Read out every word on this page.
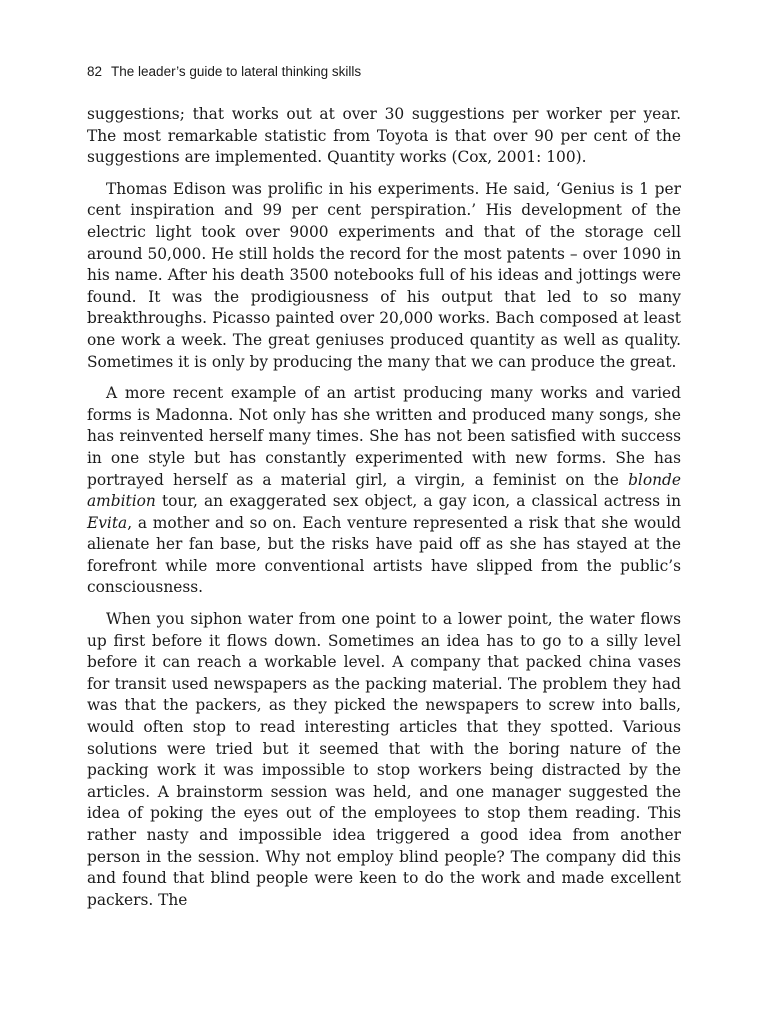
82 The leader’s guide to lateral thinking skills

suggestions; that works out at over 30 suggestions per worker per year. The most remarkable statistic from Toyota is that over 90 per cent of the suggestions are implemented. Quantity works (Cox, 2001: 100).

Thomas Edison was prolific in his experiments. He said, ‘Genius is 1 per cent inspiration and 99 per cent perspiration.’ His development of the electric light took over 9000 experiments and that of the storage cell around 50,000. He still holds the record for the most patents – over 1090 in his name. After his death 3500 notebooks full of his ideas and jottings were found. It was the prodigiousness of his output that led to so many breakthroughs. Picasso painted over 20,000 works. Bach composed at least one work a week. The great geniuses produced quantity as well as quality. Sometimes it is only by producing the many that we can produce the great.

A more recent example of an artist producing many works and varied forms is Madonna. Not only has she written and produced many songs, she has reinvented herself many times. She has not been satisfied with success in one style but has constantly experimented with new forms. She has portrayed herself as a material girl, a virgin, a feminist on the blonde ambition tour, an exaggerated sex object, a gay icon, a classical actress in Evita, a mother and so on. Each venture represented a risk that she would alienate her fan base, but the risks have paid off as she has stayed at the forefront while more conventional artists have slipped from the public’s consciousness.

When you siphon water from one point to a lower point, the water flows up first before it flows down. Sometimes an idea has to go to a silly level before it can reach a workable level. A company that packed china vases for transit used newspapers as the packing material. The problem they had was that the packers, as they picked the newspapers to screw into balls, would often stop to read interesting articles that they spotted. Various solutions were tried but it seemed that with the boring nature of the packing work it was impossible to stop workers being distracted by the articles. A brainstorm session was held, and one manager suggested the idea of poking the eyes out of the employees to stop them reading. This rather nasty and impossible idea triggered a good idea from another person in the session. Why not employ blind people? The company did this and found that blind people were keen to do the work and made excellent packers. The
